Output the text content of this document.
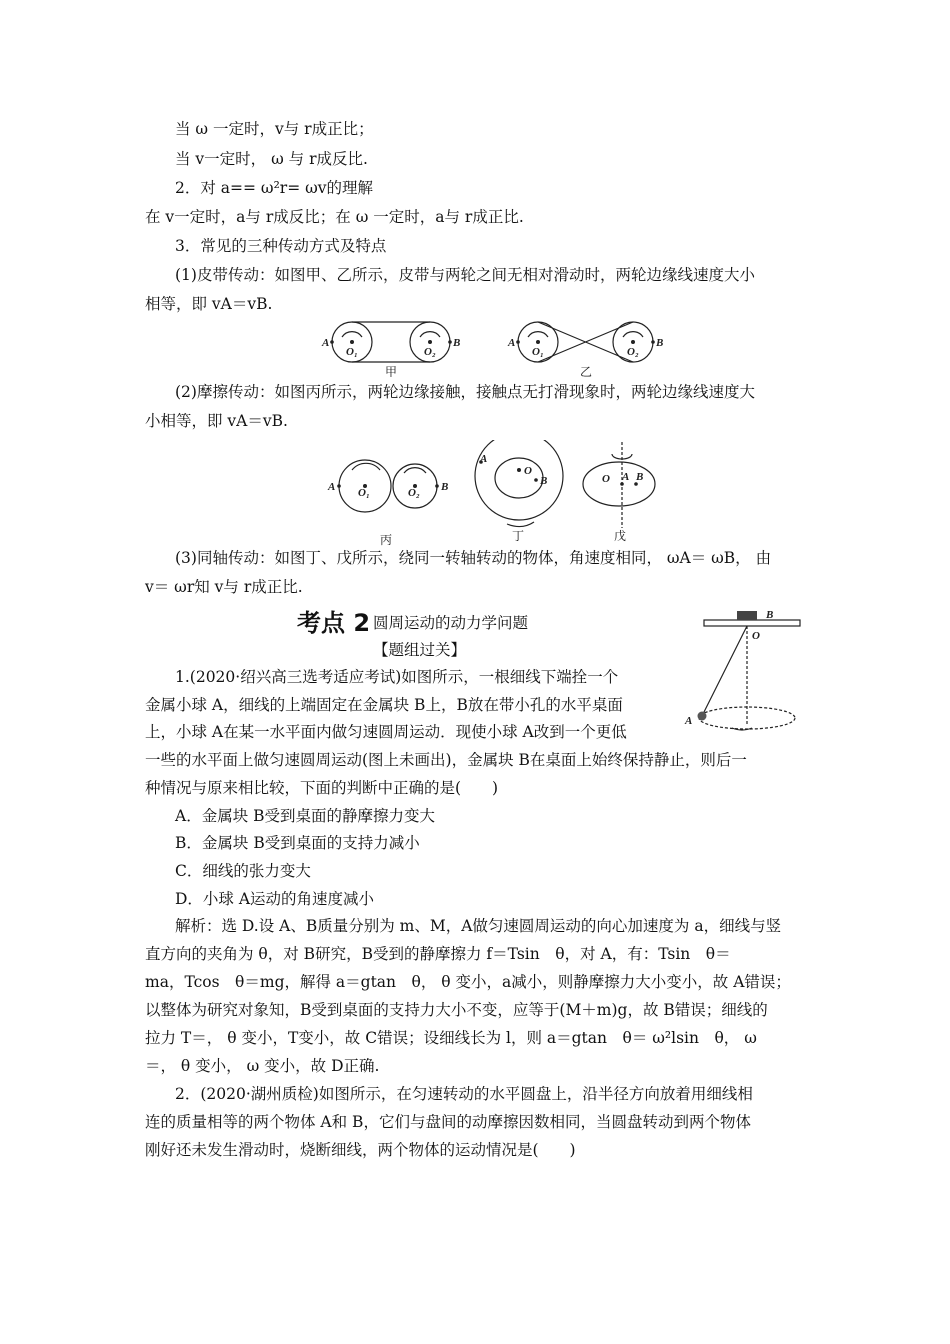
当 ω 一定时，v与 r成正比；
当 v一定时， ω 与 r成反比.
2．对 a== ω²r= ωv的理解
在 v一定时，a与 r成反比；在 ω 一定时，a与 r成正比.
3．常见的三种传动方式及特点
(1)皮带传动：如图甲、乙所示，皮带与两轮之间无相对滑动时，两轮边缘线速度大小
相等，即 vA＝vB.
A	B
O₁	O₂
A	B
O₁	O₂
甲	乙
(2)摩擦传动：如图丙所示，两轮边缘接触，接触点无打滑现象时，两轮边缘线速度大
小相等，即 vA＝vB.
A	B
O₁	O₂
A
O
B	O A B
丙	丁	戊
(3)同轴传动：如图丁、戊所示，绕同一转轴转动的物体，角速度相同， ωA＝ ωB， 由
v＝ ωr知 v与 r成正比.
考点 2 圆周运动的动力学问题
【题组过关】
B
O
A
1.(2020·绍兴高三选考适应考试)如图所示，一根细线下端拴一个
金属小球 A，细线的上端固定在金属块 B上，B放在带小孔的水平桌面
上，小球 A在某一水平面内做匀速圆周运动．现使小球 A改到一个更低
一些的水平面上做匀速圆周运动(图上未画出)，金属块 B在桌面上始终保持静止，则后一
种情况与原来相比较，下面的判断中正确的是(　　)
A．金属块 B受到桌面的静摩擦力变大
B．金属块 B受到桌面的支持力减小
C．细线的张力变大
D．小球 A运动的角速度减小
解析：选 D.设 A、B质量分别为 m、M，A做匀速圆周运动的向心加速度为 a，细线与竖
直方向的夹角为 θ，对 B研究，B受到的静摩擦力 f＝Tsin　θ，对 A，有：Tsin　θ＝
ma，Tcos　θ＝mg，解得 a＝gtan　θ， θ 变小，a减小，则静摩擦力大小变小，故 A错误；
以整体为研究对象知，B受到桌面的支持力大小不变，应等于(M＋m)g，故 B错误；细线的
拉力 T＝， θ 变小，T变小，故 C错误；设细线长为 l，则 a＝gtan　θ＝ ω²lsin　θ， ω
＝， θ 变小， ω 变小，故 D正确.
2．(2020·湖州质检)如图所示，在匀速转动的水平圆盘上，沿半径方向放着用细线相
连的质量相等的两个物体 A和 B，它们与盘间的动摩擦因数相同，当圆盘转动到两个物体
刚好还未发生滑动时，烧断细线，两个物体的运动情况是(　　)
